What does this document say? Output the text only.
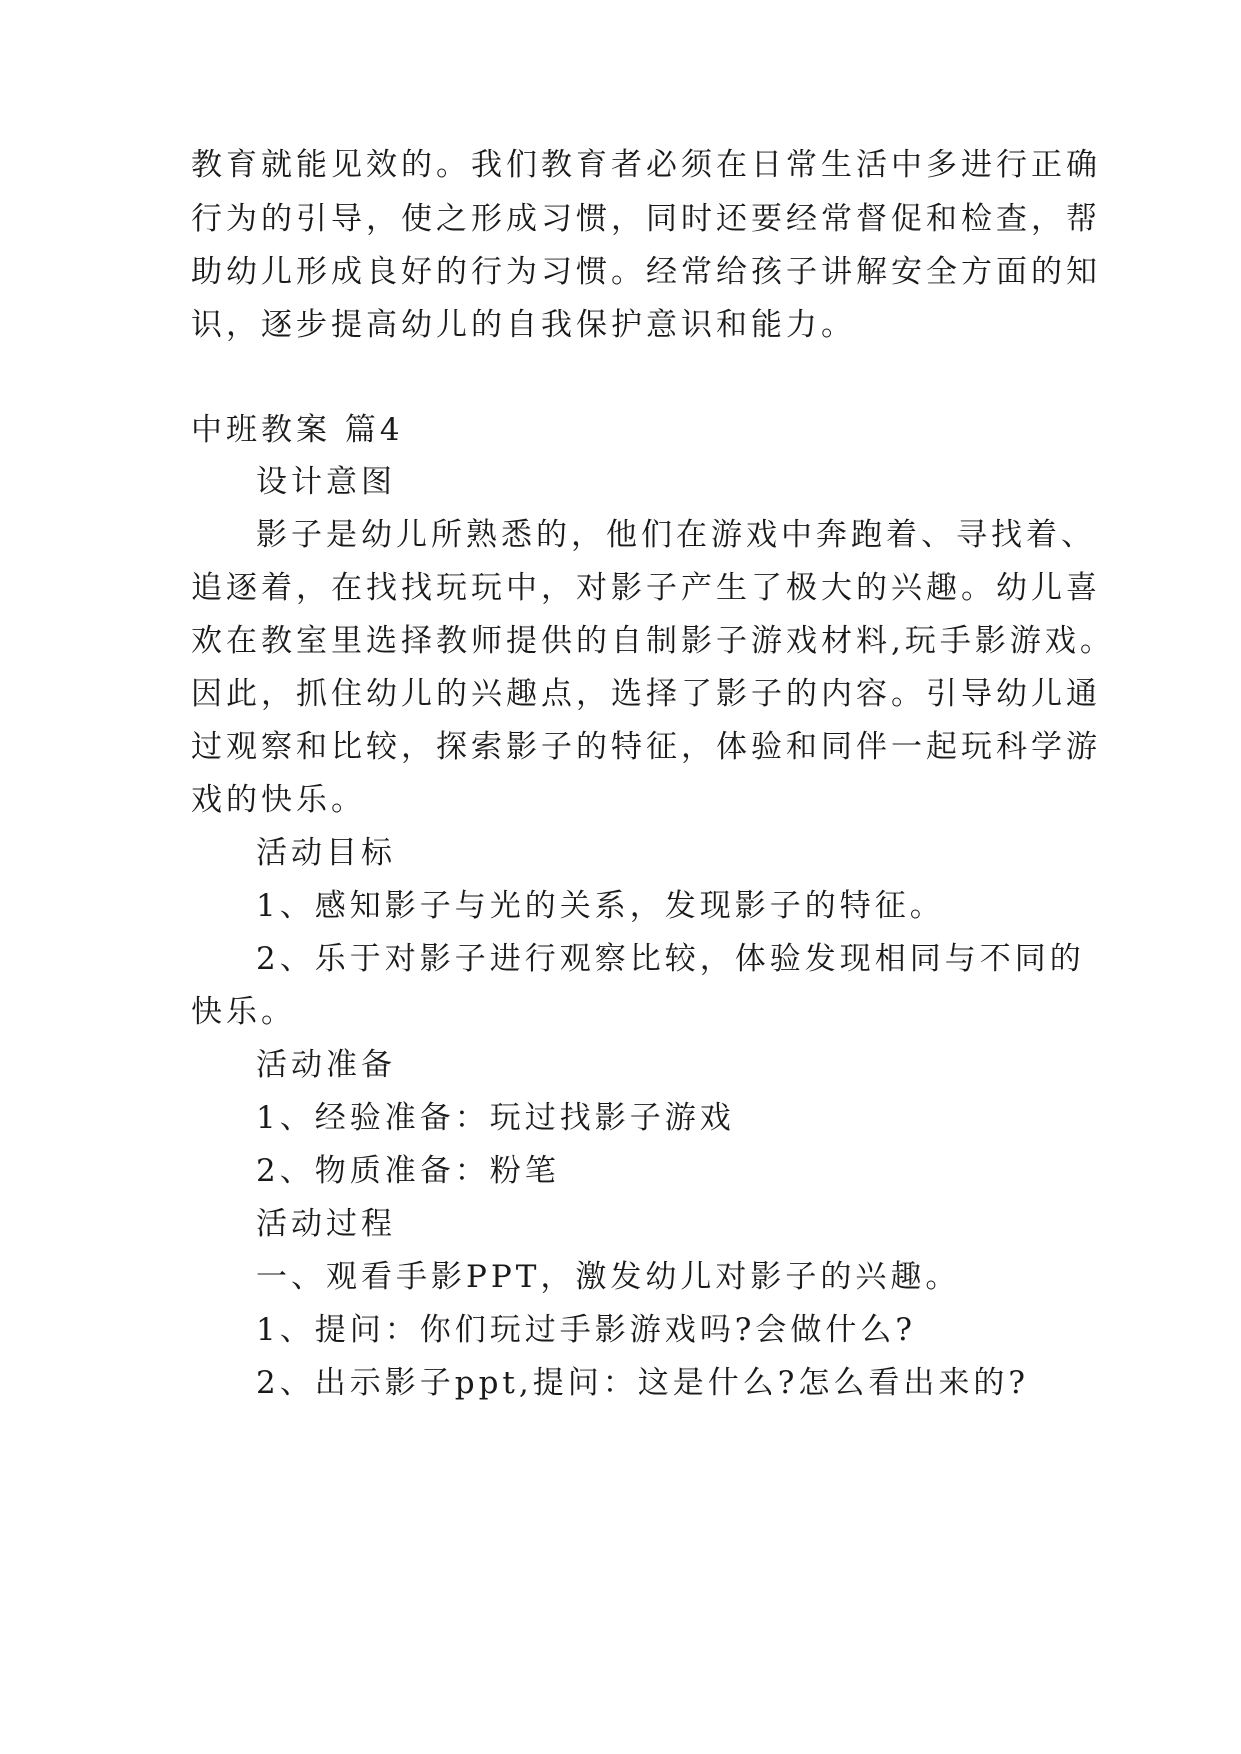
教育就能见效的。我们教育者必须在日常生活中多进行正确
行为的引导，使之形成习惯，同时还要经常督促和检查，帮
助幼儿形成良好的行为习惯。经常给孩子讲解安全方面的知
识，逐步提高幼儿的自我保护意识和能力。
中班教案 篇4
设计意图
影子是幼儿所熟悉的，他们在游戏中奔跑着、寻找着、
追逐着，在找找玩玩中，对影子产生了极大的兴趣。幼儿喜
欢在教室里选择教师提供的自制影子游戏材料,玩手影游戏。
因此，抓住幼儿的兴趣点，选择了影子的内容。引导幼儿通
过观察和比较，探索影子的特征，体验和同伴一起玩科学游
戏的快乐。
活动目标
1、感知影子与光的关系，发现影子的特征。
2、乐于对影子进行观察比较，体验发现相同与不同的
快乐。
活动准备
1、经验准备：玩过找影子游戏
2、物质准备：粉笔
活动过程
一、观看手影PPT，激发幼儿对影子的兴趣。
1、提问：你们玩过手影游戏吗?会做什么?
2、出示影子ppt,提问：这是什么?怎么看出来的?
